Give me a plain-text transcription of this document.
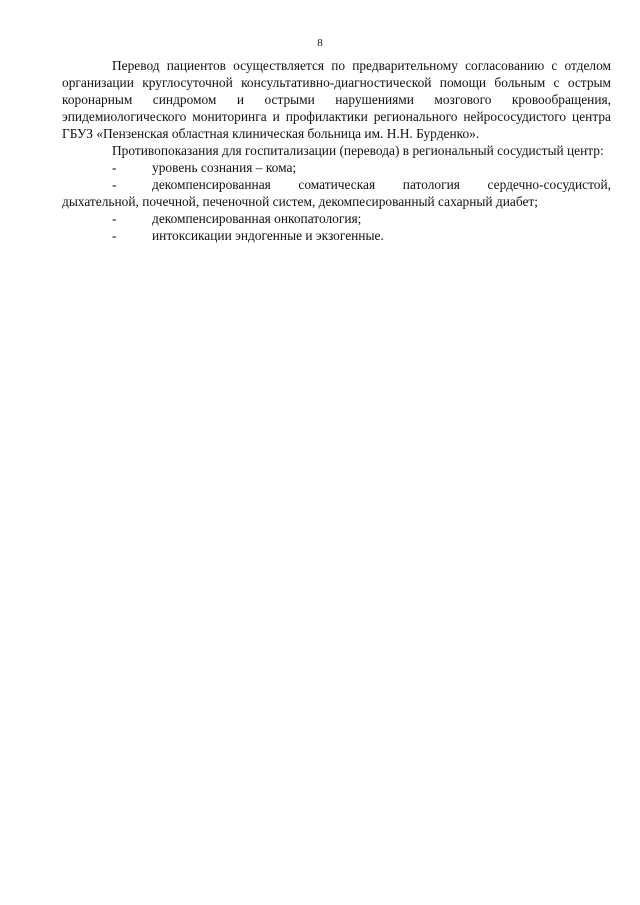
8

Перевод пациентов осуществляется по предварительному согласованию с отделом организации круглосуточной консультативно-диагностической помощи больным с острым коронарным синдромом и острыми нарушениями мозгового кровообращения, эпидемиологического мониторинга и профилактики регионального нейрососудистого центра ГБУЗ «Пензенская областная клиническая больница им. Н.Н. Бурденко».

Противопоказания для госпитализации (перевода) в региональный сосудистый центр:

-	уровень сознания – кома;

-	декомпенсированная соматическая патология сердечно-сосудистой, дыхательной, почечной, печеночной систем, декомпесированный сахарный диабет;

-	декомпенсированная онкопатология;

-	интоксикации эндогенные и экзогенные.
